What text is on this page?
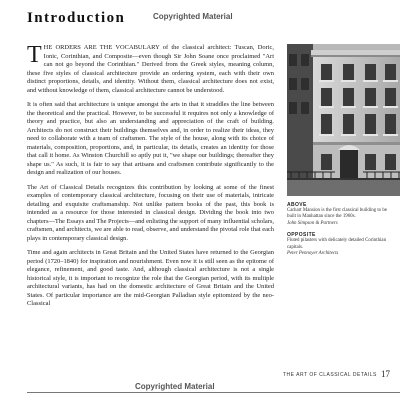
Introduction	Copyrighted Material

THE ORDERS ARE THE VOCABULARY of the classical architect: Tuscan, Doric, Ionic, Corinthian, and Composite—even though Sir John Soane once proclaimed "Art can not go beyond the Corinthian." Derived from the Greek styles, meaning column, these five styles of classical architecture provide an ordering system, each with their own distinct proportions, details, and identity. Without them, classical architecture does not exist, and without knowledge of them, classical architecture cannot be understood.

It is often said that architecture is unique amongst the arts in that it straddles the line between the theoretical and the practical. However, to be successful it requires not only a knowledge of theory and practice, but also an understanding and appreciation of the craft of building. Architects do not construct their buildings themselves and, in order to realize their ideas, they need to collaborate with a team of craftsmen. The style of the house, along with its choice of materials, composition, proportions, and, in particular, its details, creates an identity for those that call it home. As Winston Churchill so aptly put it, "we shape our buildings; thereafter they shape us." As such, it is fair to say that artisans and craftsmen contribute significantly to the design and realization of our houses.

The Art of Classical Details recognizes this contribution by looking at some of the finest examples of contemporary classical architecture, focusing on their use of materials, intricate detailing and exquisite craftsmanship. Not unlike pattern books of the past, this book is intended as a resource for those interested in classical design. Dividing the book into two chapters—The Essays and The Projects—and enlisting the support of many influential scholars, craftsmen, and architects, we are able to read, observe, and understand the pivotal role that each plays in contemporary classical design.

Time and again architects in Great Britain and the United States have returned to the Georgian period (1720–1840) for inspiration and nourishment. Even now it is still seen as the epitome of elegance, refinement, and good taste. And, although classical architecture is not a single historical style, it is important to recognize the role that the Georgian period, with its multiple architectural variants, has had on the domestic architecture of Great Britain and the United States. Of particular importance are the mid-Georgian Palladian style epitomized by the neo-Classical

ABOVE
Carhart Mansion is the first classical building to be built in Manhattan since the 1960s.
John Simpson & Partners
OPPOSITE
Fluted pilasters with delicately detailed Corinthian capitals.
Peter Pennoyer Architects
THE ART OF CLASSICAL DETAILS 17
Copyrighted Material
